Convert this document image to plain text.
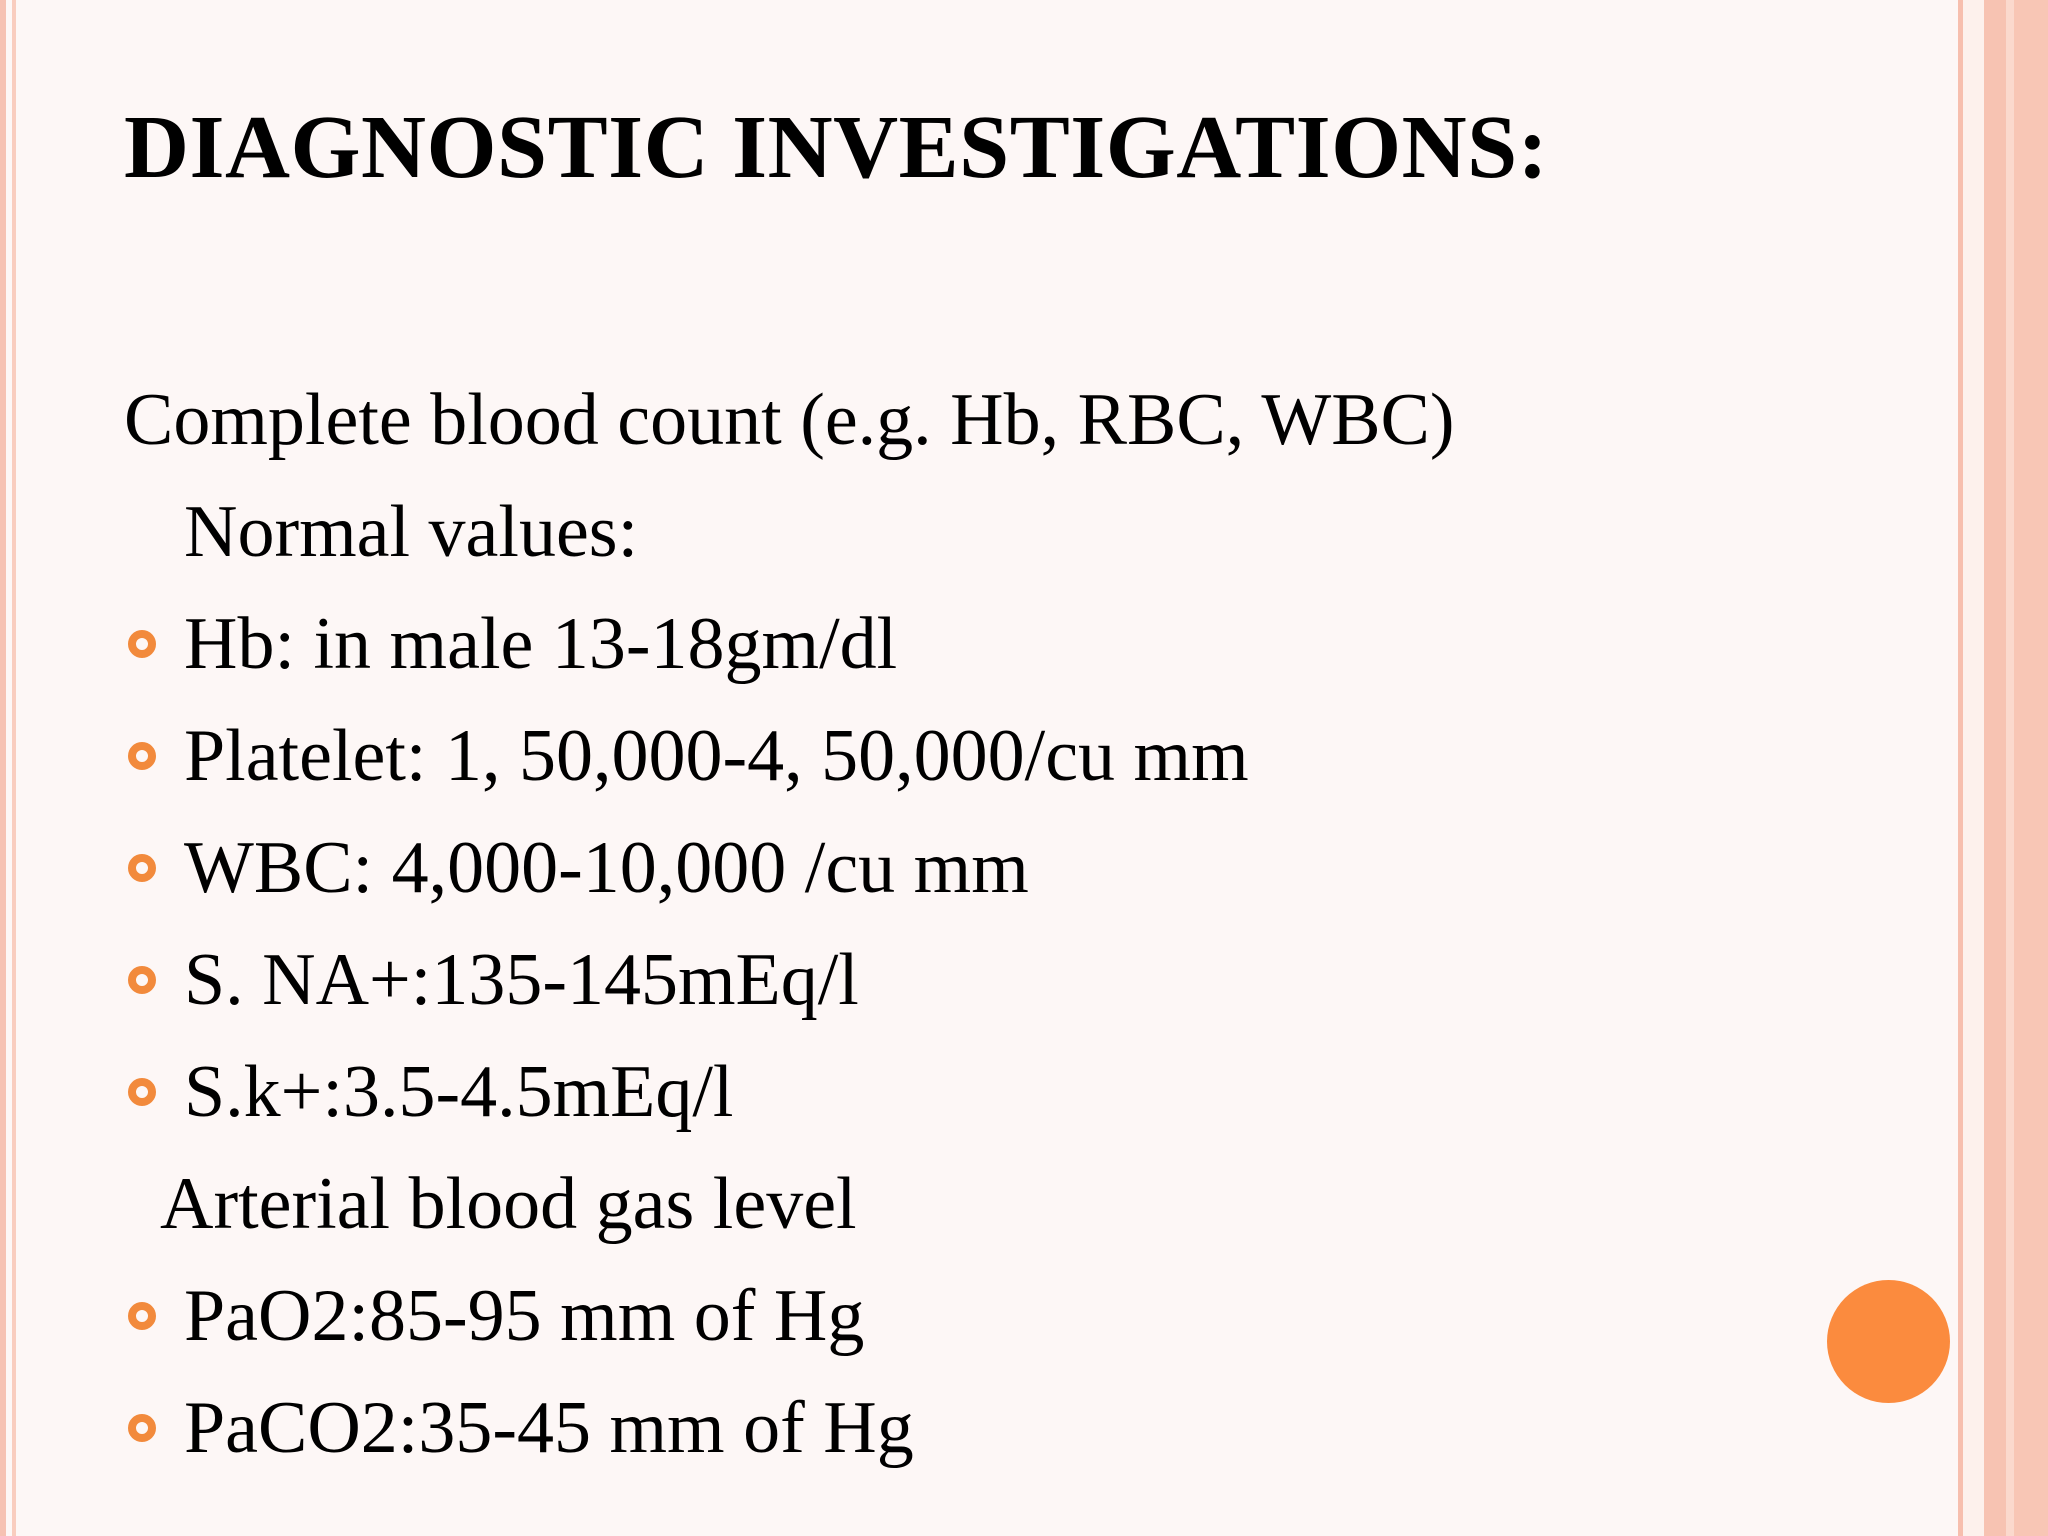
DIAGNOSTIC INVESTIGATIONS:
Complete blood count (e.g. Hb, RBC, WBC)
Normal values:
Hb: in male 13-18gm/dl
Platelet: 1, 50,000-4, 50,000/cu mm
WBC: 4,000-10,000 /cu mm
S. NA+:135-145mEq/l
S.k+:3.5-4.5mEq/l
Arterial blood gas level
PaO2:85-95 mm of Hg
PaCO2:35-45 mm of Hg
